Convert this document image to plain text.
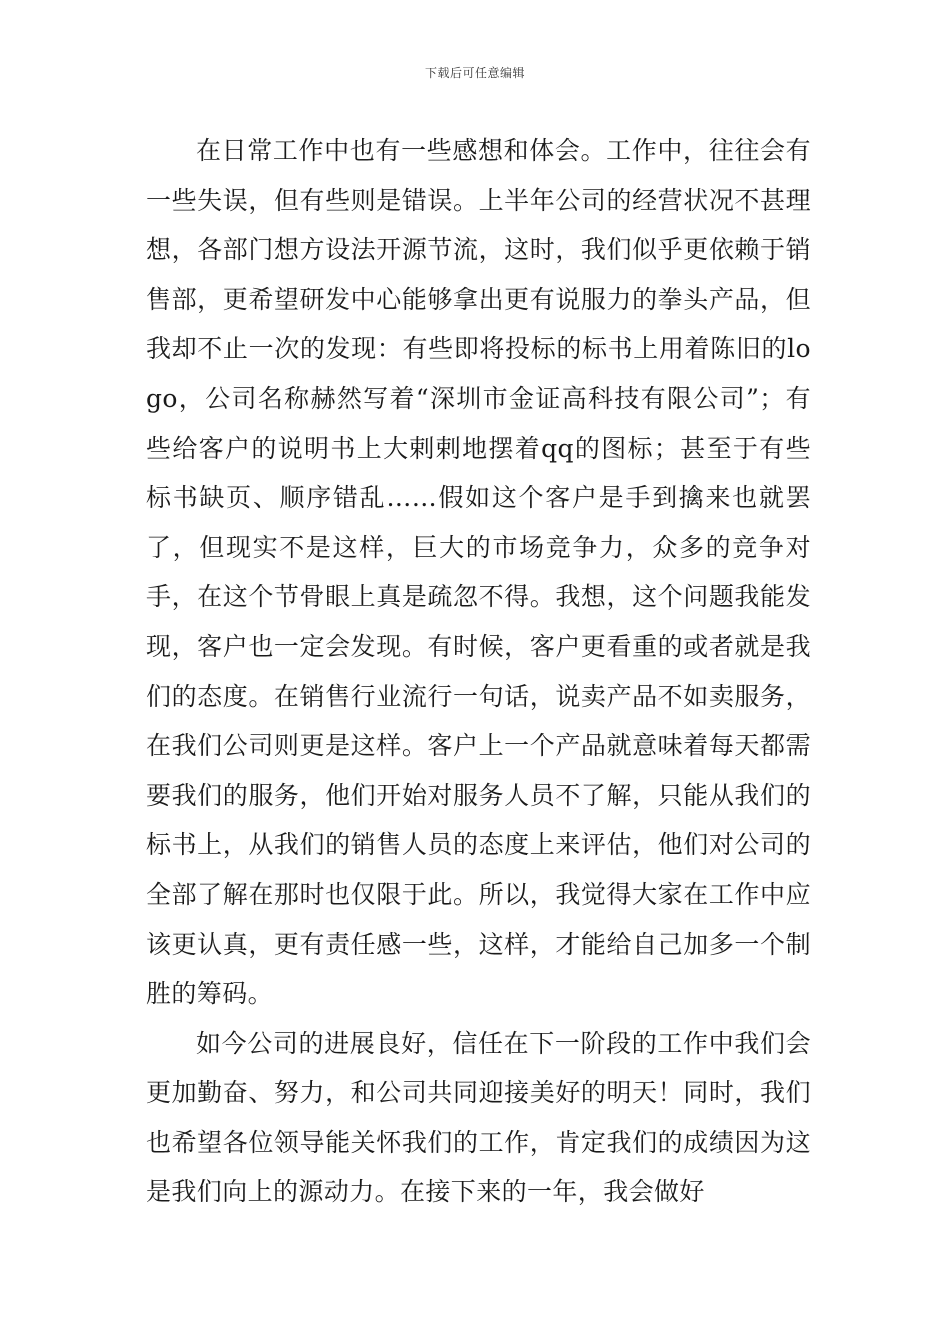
下载后可任意编辑

在日常工作中也有一些感想和体会。工作中，往往会有一些失误，但有些则是错误。上半年公司的经营状况不甚理想，各部门想方设法开源节流，这时，我们似乎更依赖于销售部，更希望研发中心能够拿出更有说服力的拳头产品，但我却不止一次的发现：有些即将投标的标书上用着陈旧的logo，公司名称赫然写着“深圳市金证高科技有限公司”；有些给客户的说明书上大剌剌地摆着qq的图标；甚至于有些标书缺页、顺序错乱……假如这个客户是手到擒来也就罢了，但现实不是这样，巨大的市场竞争力，众多的竞争对手，在这个节骨眼上真是疏忽不得。我想，这个问题我能发现，客户也一定会发现。有时候，客户更看重的或者就是我们的态度。在销售行业流行一句话，说卖产品不如卖服务，在我们公司则更是这样。客户上一个产品就意味着每天都需要我们的服务，他们开始对服务人员不了解，只能从我们的标书上，从我们的销售人员的态度上来评估，他们对公司的全部了解在那时也仅限于此。所以，我觉得大家在工作中应该更认真，更有责任感一些，这样，才能给自己加多一个制胜的筹码。

如今公司的进展良好，信任在下一阶段的工作中我们会更加勤奋、努力，和公司共同迎接美好的明天！同时，我们也希望各位领导能关怀我们的工作，肯定我们的成绩因为这是我们向上的源动力。在接下来的一年，我会做好
